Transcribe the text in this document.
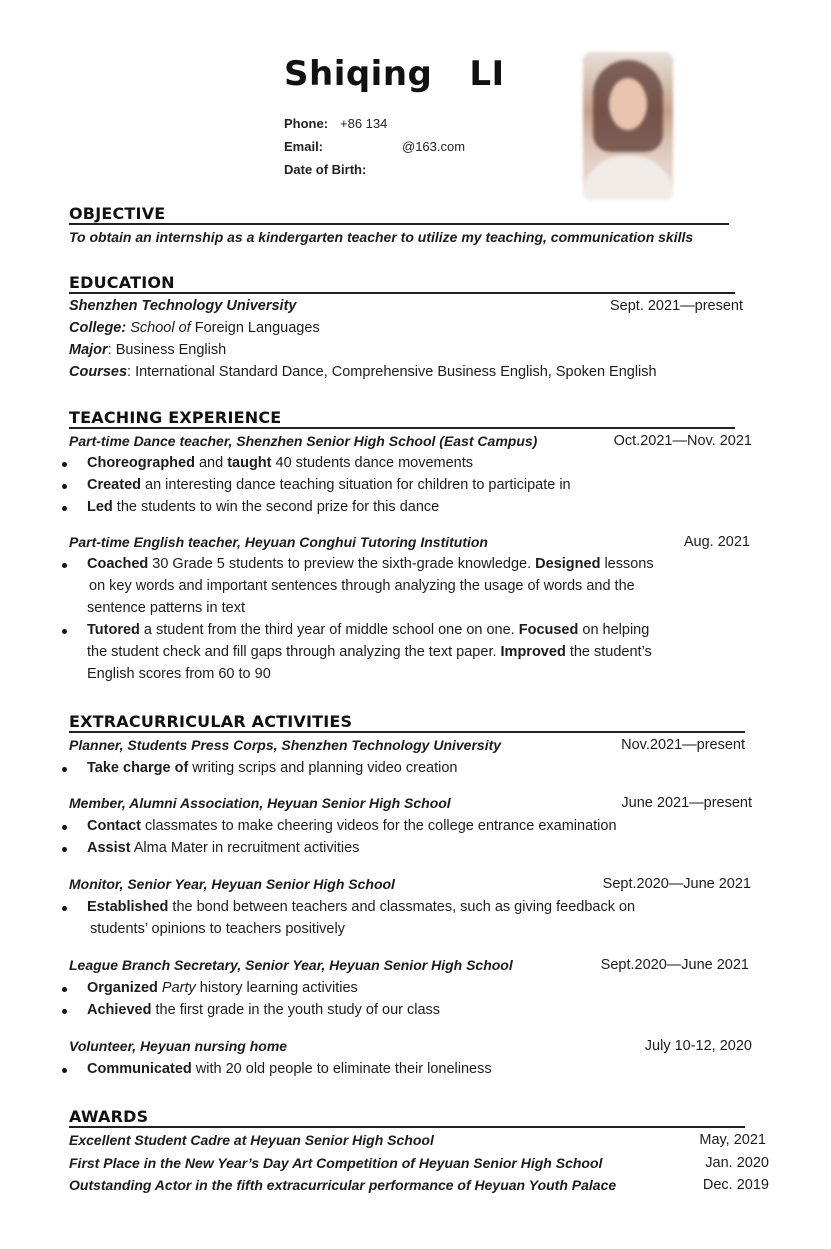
Shiqing   LI
Phone: +86 134
Email:	@163.com
Date of Birth:
OBJECTIVE
To obtain an internship as a kindergarten teacher to utilize my teaching, communication skills
EDUCATION
Shenzhen Technology University	Sept. 2021—present
College: School of Foreign Languages
Major: Business English
Courses: International Standard Dance, Comprehensive Business English, Spoken English
TEACHING EXPERIENCE
Part-time Dance teacher, Shenzhen Senior High School (East Campus)	Oct.2021—Nov. 2021
Choreographed and taught 40 students dance movements
Created an interesting dance teaching situation for children to participate in
Led the students to win the second prize for this dance
Part-time English teacher, Heyuan Conghui Tutoring Institution	Aug. 2021
Coached 30 Grade 5 students to preview the sixth-grade knowledge. Designed lessons
on key words and important sentences through analyzing the usage of words and the
sentence patterns in text
Tutored a student from the third year of middle school one on one. Focused on helping
the student check and fill gaps through analyzing the text paper. Improved the student’s
English scores from 60 to 90
EXTRACURRICULAR ACTIVITIES
Planner, Students Press Corps, Shenzhen Technology University	Nov.2021—present
Take charge of writing scrips and planning video creation
Member, Alumni Association, Heyuan Senior High School	June 2021—present
Contact classmates to make cheering videos for the college entrance examination
Assist Alma Mater in recruitment activities
Monitor, Senior Year, Heyuan Senior High School	Sept.2020—June 2021
Established the bond between teachers and classmates, such as giving feedback on
students’ opinions to teachers positively
League Branch Secretary, Senior Year, Heyuan Senior High School	Sept.2020—June 2021
Organized Party history learning activities
Achieved the first grade in the youth study of our class
Volunteer, Heyuan nursing home	July 10-12, 2020
Communicated with 20 old people to eliminate their loneliness
AWARDS
Excellent Student Cadre at Heyuan Senior High School	May, 2021
First Place in the New Year’s Day Art Competition of Heyuan Senior High School	Jan. 2020
Outstanding Actor in the fifth extracurricular performance of Heyuan Youth Palace	Dec. 2019
